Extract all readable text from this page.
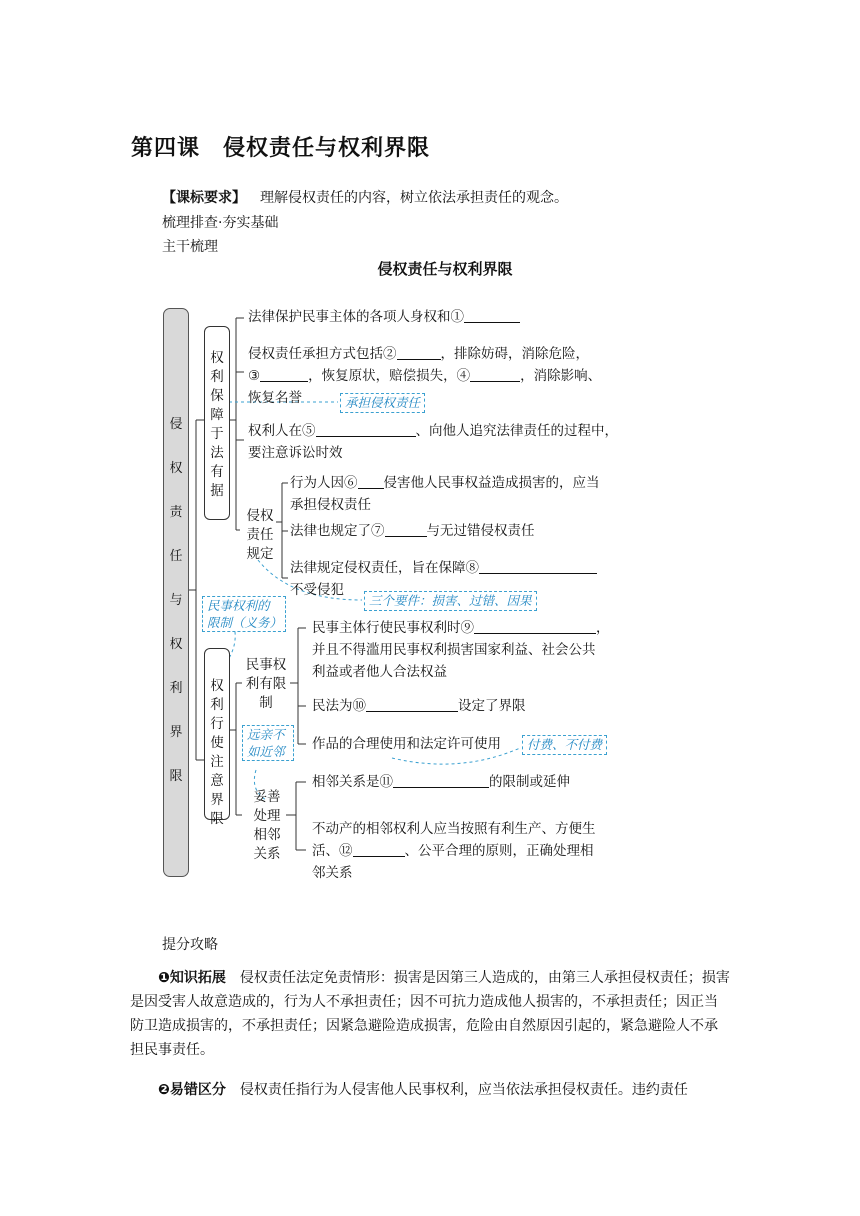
第四课　侵权责任与权利界限
【课标要求】 理解侵权责任的内容，树立依法承担责任的观念。
梳理排查·夯实基础
主干梳理
侵权责任与权利界限
侵
权
责
任
与
权
利
界
限
权利保障于法有据
法律保护民事主体的各项人身权和①
侵权责任承担方式包括②	，排除妨碍，消除危险，
③	，恢复原状，赔偿损失，④	，消除影响、
恢复名誉	承担侵权责任
权利人在⑤	、向他人追究法律责任的过程中，
要注意诉讼时效
侵权责任规定
行为人因⑥ 侵害他人民事权益造成损害的，应当
承担侵权责任
法律也规定了⑦	与无过错侵权责任
法律规定侵权责任，旨在保障⑧
不受侵犯
三个要件：损害、过错、因果
民事权利的限制（义务）
权利行使注意界限
远亲不如近邻
民事权利有限制
民事主体行使民事权利时⑨	，
并且不得滥用民事权利损害国家利益、社会公共
利益或者他人合法权益
民法为⑩	设定了界限
作品的合理使用和法定许可使用	付费、不付费
妥善处理相邻关系
相邻关系是⑪	的限制或延伸
不动产的相邻权利人应当按照有利生产、方便生
活、⑫	、公平合理的原则，正确处理相
邻关系
提分攻略
❶知识拓展　 侵权责任法定免责情形：损害是因第三人造成的，由第三人承担侵权责任；损害是因受害人故意造成的，行为人不承担责任；因不可抗力造成他人损害的，不承担责任；因正当防卫造成损害的，不承担责任；因紧急避险造成损害，危险由自然原因引起的，紧急避险人不承担民事责任。
❷易错区分　 侵权责任指行为人侵害他人民事权利，应当依法承担侵权责任。违约责任
